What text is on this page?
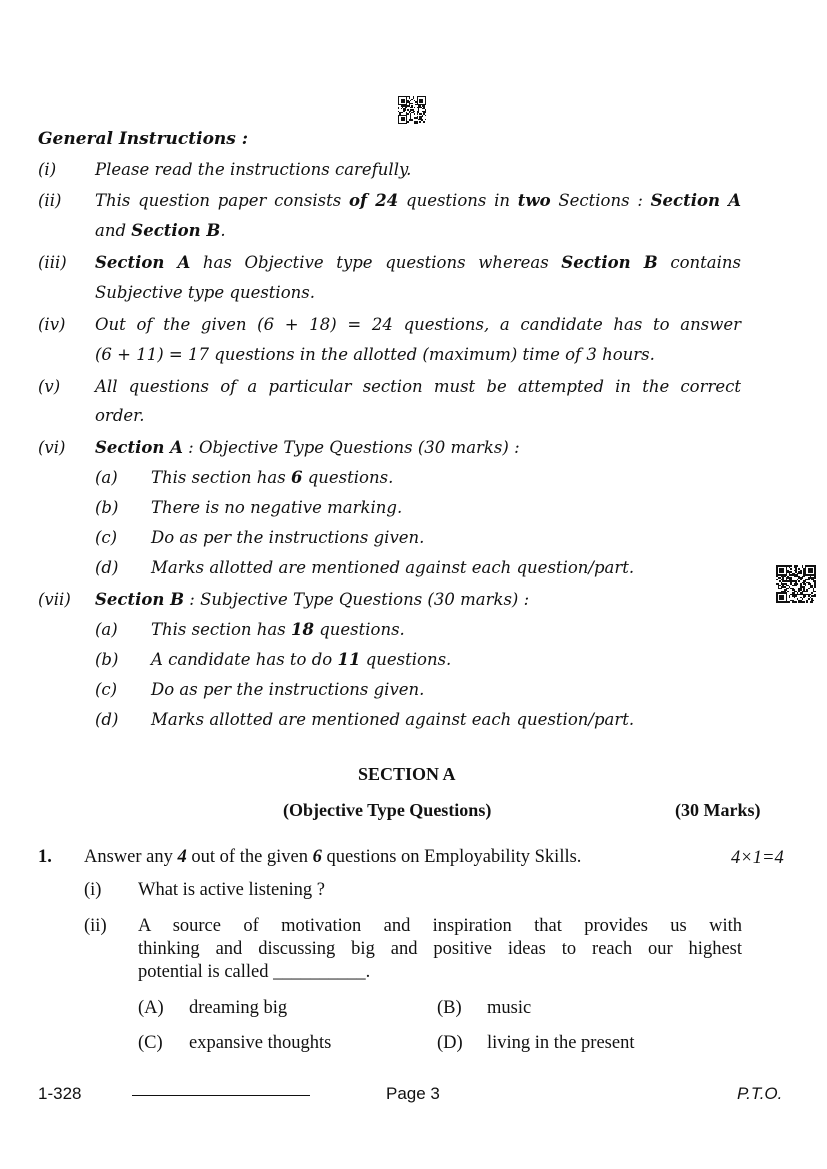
General Instructions :
(i) Please read the instructions carefully.
(ii) This question paper consists of 24 questions in two Sections : Section A
and Section B.
(iii) Section A has Objective type questions whereas Section B contains
Subjective type questions.
(iv) Out of the given (6 + 18) = 24 questions, a candidate has to answer
(6 + 11) = 17 questions in the allotted (maximum) time of 3 hours.
(v) All questions of a particular section must be attempted in the correct
order.
(vi) Section A : Objective Type Questions (30 marks) :
(a) This section has 6 questions.
(b) There is no negative marking.
(c) Do as per the instructions given.
(d) Marks allotted are mentioned against each question/part.
(vii) Section B : Subjective Type Questions (30 marks) :
(a) This section has 18 questions.
(b) A candidate has to do 11 questions.
(c) Do as per the instructions given.
(d) Marks allotted are mentioned against each question/part.
SECTION A
(Objective Type Questions)	(30 Marks)
1. Answer any 4 out of the given 6 questions on Employability Skills.	4×1=4
(i) What is active listening ?
(ii) A source of motivation and inspiration that provides us with
thinking and discussing big and positive ideas to reach our highest
potential is called __________.
(A) dreaming big	(B) music
(C) expansive thoughts	(D) living in the present
1-328	Page 3	P.T.O.
